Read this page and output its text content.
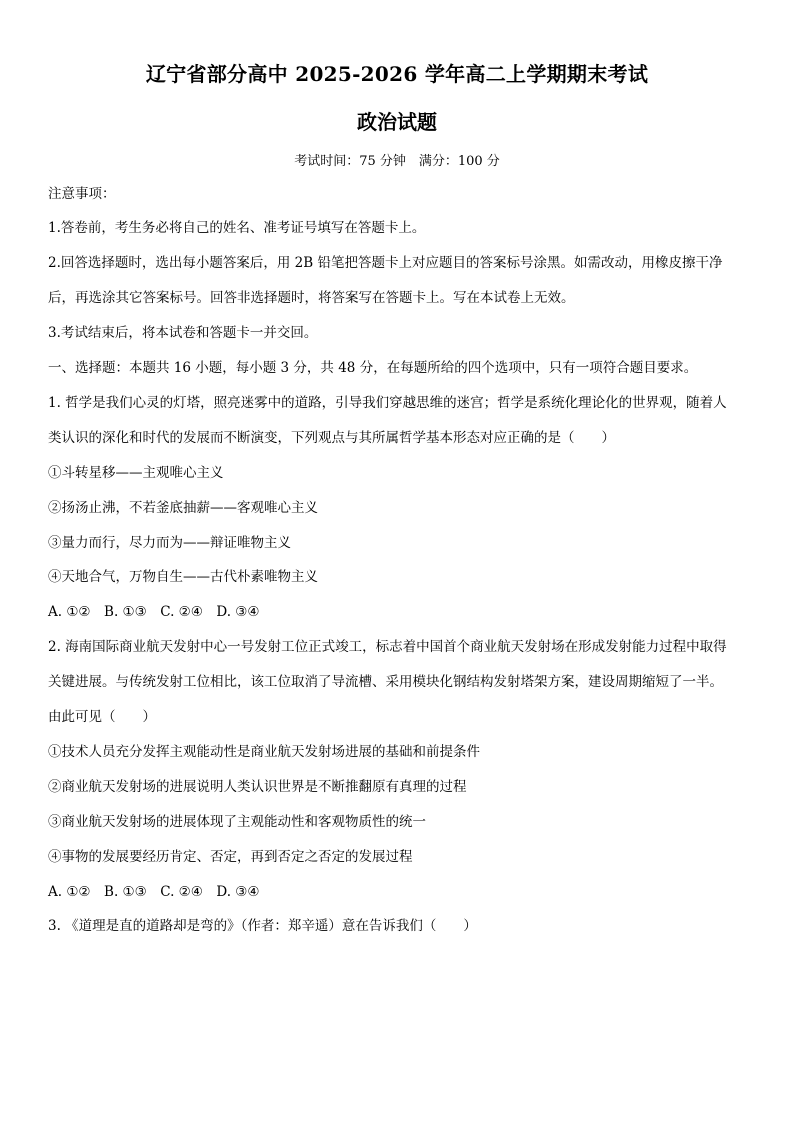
辽宁省部分高中 2025-2026 学年高二上学期期末考试
政治试题
考试时间：75 分钟　满分：100 分
注意事项：
1.答卷前，考生务必将自己的姓名、准考证号填写在答题卡上。
2.回答选择题时，选出每小题答案后，用 2B 铅笔把答题卡上对应题目的答案标号涂黑。如需改动，用橡皮擦干净
后，再选涂其它答案标号。回答非选择题时，将答案写在答题卡上。写在本试卷上无效。
3.考试结束后，将本试卷和答题卡一并交回。
一、选择题：本题共 16 小题，每小题 3 分，共 48 分，在每题所给的四个选项中，只有一项符合题目要求。
1. 哲学是我们心灵的灯塔，照亮迷雾中的道路，引导我们穿越思维的迷宫；哲学是系统化理论化的世界观，随着人
类认识的深化和时代的发展而不断演变，下列观点与其所属哲学基本形态对应正确的是（　　）
①斗转星移——主观唯心主义
②扬汤止沸，不若釜底抽薪——客观唯心主义
③量力而行，尽力而为——辩证唯物主义
④天地合气，万物自生——古代朴素唯物主义
A. ①②　B. ①③　C. ②④　D. ③④
2. 海南国际商业航天发射中心一号发射工位正式竣工，标志着中国首个商业航天发射场在形成发射能力过程中取得
关键进展。与传统发射工位相比，该工位取消了导流槽、采用模块化钢结构发射塔架方案，建设周期缩短了一半。
由此可见（　　）
①技术人员充分发挥主观能动性是商业航天发射场进展的基础和前提条件
②商业航天发射场的进展说明人类认识世界是不断推翻原有真理的过程
③商业航天发射场的进展体现了主观能动性和客观物质性的统一
④事物的发展要经历肯定、否定，再到否定之否定的发展过程
A. ①②　B. ①③　C. ②④　D. ③④
3. 《道理是直的道路却是弯的》（作者：郑辛遥）意在告诉我们（　　）
